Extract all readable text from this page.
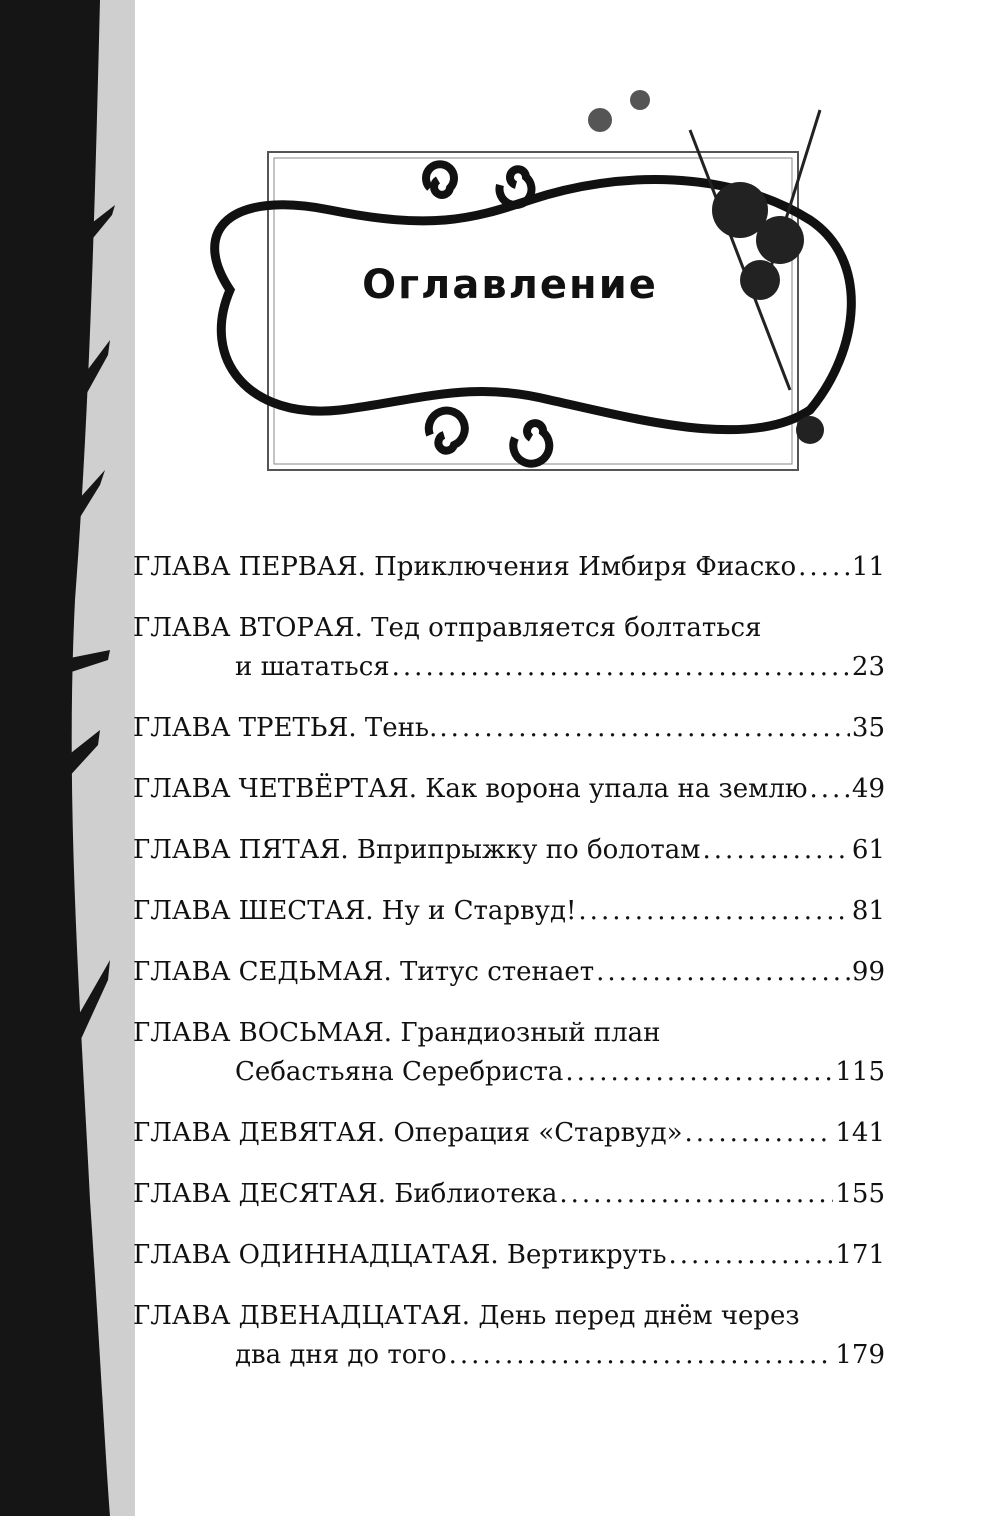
Оглавление
ГЛАВА ПЕРВАЯ. Приключения Имбиря Фиаско ..... 11
ГЛАВА ВТОРАЯ. Тед отправляется болтаться
и шататься .....	23
ГЛАВА ТРЕТЬЯ. Тень. .....	35
ГЛАВА ЧЕТВЁРТАЯ. Как ворона упала на землю ..... 49
ГЛАВА ПЯТАЯ. Вприпрыжку по болотам .....	61
ГЛАВА ШЕСТАЯ. Ну и Старвуд! .....	81
ГЛАВА СЕДЬМАЯ. Титус стенает .....	99
ГЛАВА ВОСЬМАЯ. Грандиозный план
Себастьяна Серебриста .....	115
ГЛАВА ДЕВЯТАЯ. Операция «Старвуд» .....	141
ГЛАВА ДЕСЯТАЯ. Библиотека .....	155
ГЛАВА ОДИННАДЦАТАЯ. Вертикруть .....	171
ГЛАВА ДВЕНАДЦАТАЯ. День перед днём через
два дня до того .....	179
